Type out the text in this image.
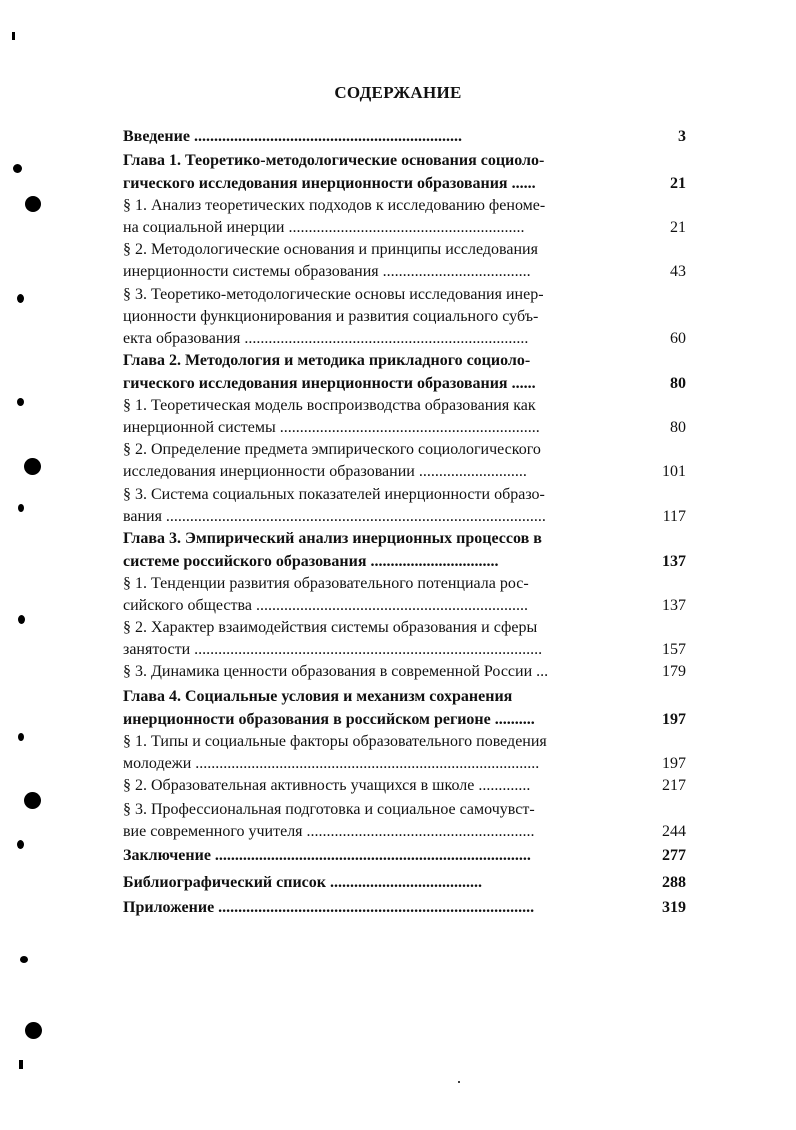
СОДЕРЖАНИЕ
Введение ...................................................................	3
Глава 1. Теоретико-методологические основания социоло-
гического исследования инерционности образования ......	21
§ 1. Анализ теоретических подходов к исследованию феноме-
на социальной инерции ...........................................................	21
§ 2. Методологические основания и принципы исследования
инерционности системы образования .....................................	43
§ 3. Теоретико-методологические основы исследования инер-
ционности функционирования и развития социального субъ-
екта образования .......................................................................	60
Глава 2. Методология и методика прикладного социоло-
гического исследования инерционности образования ......	80
§ 1. Теоретическая модель воспроизводства образования как
инерционной системы .................................................................	80
§ 2. Определение предмета эмпирического социологического
исследования инерционности образовании ...........................	101
§ 3. Система социальных показателей инерционности образо-
вания ...............................................................................................	117
Глава 3. Эмпирический анализ инерционных процессов в
системе российского образования ................................	137
§ 1. Тенденции развития образовательного потенциала рос-
сийского общества ....................................................................	137
§ 2. Характер взаимодействия системы образования и сферы
занятости .......................................................................................	157
§ 3. Динамика ценности образования в современной России ...	179
Глава 4. Социальные условия и механизм сохранения
инерционности образования в российском регионе ..........	197
§ 1. Типы и социальные факторы образовательного поведения
молодежи ......................................................................................	197
§ 2. Образовательная активность учащихся в школе .............	217
§ 3. Профессиональная подготовка и социальное самочувст-
вие современного учителя .........................................................	244
Заключение ...............................................................................	277
Библиографический список ......................................	288
Приложение ...............................................................................	319
